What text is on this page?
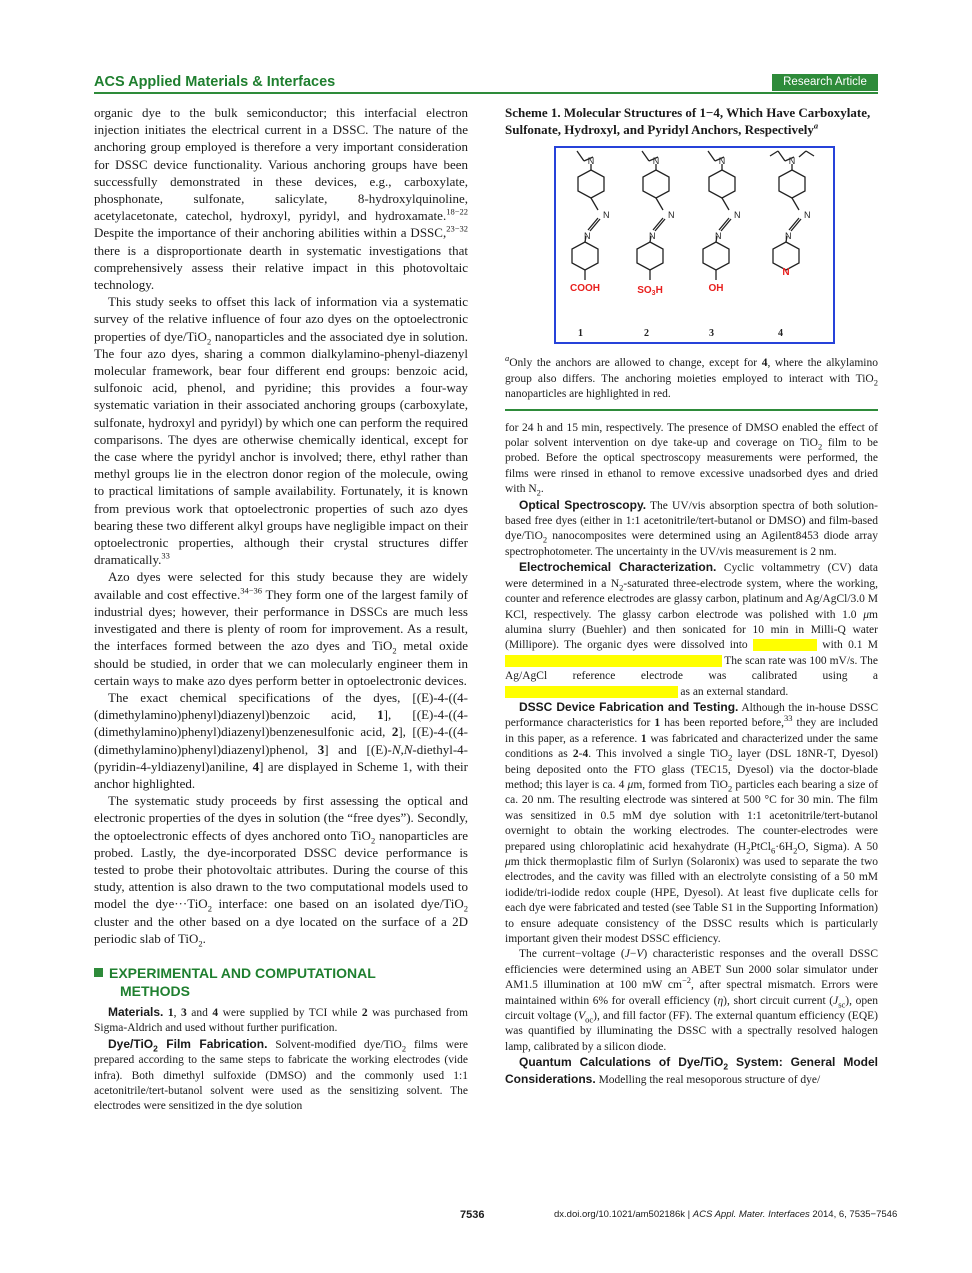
ACS Applied Materials & Interfaces	Research Article

organic dye to the bulk semiconductor; this interfacial electron injection initiates the electrical current in a DSSC. The nature of the anchoring group employed is therefore a very important consideration for DSSC device functionality. Various anchoring groups have been successfully demonstrated in these devices, e.g., carboxylate, phosphonate, sulfonate, salicylate, 8-hydroxylquinoline, acetylacetonate, catechol, hydroxyl, pyridyl, and hydroxamate.$^{18-22}$ Despite the importance of their anchoring abilities within a DSSC,$^{23-32}$ there is a disproportionate dearth in systematic investigations that comprehensively assess their relative impact in this photovoltaic technology.

This study seeks to offset this lack of information via a systematic survey of the relative influence of four azo dyes on the optoelectronic properties of dye/TiO$_2$ nanoparticles and the associated dye in solution. The four azo dyes, sharing a common dialkylamino-phenyl-diazenyl molecular framework, bear four different end groups: benzoic acid, sulfonoic acid, phenol, and pyridine; this provides a four-way systematic variation in their associated anchoring groups (carboxylate, sulfonate, hydroxyl and pyridyl) by which one can perform the required comparisons. The dyes are otherwise chemically identical, except for the case where the pyridyl anchor is involved; there, ethyl rather than methyl groups lie in the electron donor region of the molecule, owing to practical limitations of sample availability. Fortunately, it is known from previous work that optoelectronic properties of such azo dyes bearing these two different alkyl groups have negligible impact on their optoelectronic properties, although their crystal structures differ dramatically.$^{33}$

Azo dyes were selected for this study because they are widely available and cost effective.$^{34-36}$ They form one of the largest family of industrial dyes; however, their performance in DSSCs are much less investigated and there is plenty of room for improvement. As a result, the interfaces formed between the azo dyes and TiO$_2$ metal oxide should be studied, in order that we can molecularly engineer them in certain ways to make azo dyes perform better in optoelectronic devices.

The exact chemical specifications of the dyes, [(E)-4-((4-(dimethylamino)phenyl)diazenyl)benzoic acid, 1], [(E)-4-((4-(dimethylamino)phenyl)diazenyl)benzenesulfonic acid, 2], [(E)-4-((4-(dimethylamino)phenyl)diazenyl)phenol, 3] and [(E)-N,N-diethyl-4-(pyridin-4-yldiazenyl)aniline, 4] are displayed in Scheme 1, with their anchor highlighted.

The systematic study proceeds by first assessing the optical and electronic properties of the dyes in solution (the “free dyes”). Secondly, the optoelectronic effects of dyes anchored onto TiO$_2$ nanoparticles are probed. Lastly, the dye-incorporated DSSC device performance is tested to probe their photovoltaic attributes. During the course of this study, attention is also drawn to the two computational models used to model the dye···TiO$_2$ interface: one based on an isolated dye/TiO$_2$ cluster and the other based on a dye located on the surface of a 2D periodic slab of TiO$_2$.

EXPERIMENTAL AND COMPUTATIONAL
METHODS

Materials. 1, 3 and 4 were supplied by TCI while 2 was purchased from Sigma-Aldrich and used without further purification.

Dye/TiO$_2$ Film Fabrication. Solvent-modified dye/TiO$_2$ films were prepared according to the same steps to fabricate the working electrodes (vide infra). Both dimethyl sulfoxide (DMSO) and the commonly used 1:1 acetonitrile/tert-butanol solvent were used as the sensitizing solvent. The electrodes were sensitized in the dye solution

Scheme 1. Molecular Structures of 1−4, Which Have Carboxylate, Sulfonate, Hydroxyl, and Pyridyl Anchors, Respectively$^a$
N	N	N	N
N
N
N
N
N
N
N
N
COOH	$SO_3H$	OH
N
1	2	3	4

$^a$Only the anchors are allowed to change, except for 4, where the alkylamino group also differs. The anchoring moieties employed to interact with TiO$_2$ nanoparticles are highlighted in red.

for 24 h and 15 min, respectively. The presence of DMSO enabled the effect of polar solvent intervention on dye take-up and coverage on TiO$_2$ film to be probed. Before the optical spectroscopy measurements were performed, the films were rinsed in ethanol to remove excessive unadsorbed dyes and dried with $N_2$.

Optical Spectroscopy. The UV/vis absorption spectra of both solution-based free dyes (either in 1:1 acetonitrile/tert-butanol or DMSO) and film-based dye/TiO$_2$ nanocomposites were determined using an Agilent8453 diode array spectrophotometer. The uncertainty in the UV/vis measurement is 2 nm.

Electrochemical Characterization. Cyclic voltammetry (CV) data were determined in a $N_2$-saturated three-electrode system, where the working, counter and reference electrodes are glassy carbon, platinum and Ag/AgCl/3.0 M KCl, respectively. The glassy carbon electrode was polished with 1.0 μm alumina slurry (Buehler) and then sonicated for 10 min in Milli-Q water (Millipore). The organic dyes were dissolved into	with 0.1 M                                                                            The scan rate was 100 mV/s. The Ag/AgCl reference electrode was calibrated using a                                                              as an external standard.

DSSC Device Fabrication and Testing. Although the in-house DSSC performance characteristics for 1 has been reported before,$^{33}$ they are included in this paper, as a reference. 1 was fabricated and characterized under the same conditions as 2-4. This involved a single TiO$_2$ layer (DSL 18NR-T, Dyesol) being deposited onto the FTO glass (TEC15, Dyesol) via the doctor-blade method; this layer is ca. 4 μm, formed from TiO$_2$ particles each bearing a size of ca. 20 nm. The resulting electrode was sintered at 500 °C for 30 min. The film was sensitized in 0.5 mM dye solution with 1:1 acetonitrile/tert-butanol overnight to obtain the working electrodes. The counter-electrodes were prepared using chloroplatinic acid hexahydrate ($H_2PtCl_6\cdot 6H_2O$, Sigma). A 50 μm thick thermoplastic film of Surlyn (Solaronix) was used to separate the two electrodes, and the cavity was filled with an electrolyte consisting of a 50 mM iodide/tri-iodide redox couple (HPE, Dyesol). At least five duplicate cells for each dye were fabricated and tested (see Table S1 in the Supporting Information) to ensure adequate consistency of the DSSC results which is particularly important given their modest DSSC efficiency.

The current−voltage (J−V) characteristic responses and the overall DSSC efficiencies were determined using an ABET Sun 2000 solar simulator under AM1.5 illumination at 100 mW $cm^{-2}$, after spectral mismatch. Errors were maintained within 6% for overall efficiency (η), short circuit current $(J_{sc})$, open circuit voltage $(V_{oc})$, and fill factor (FF). The external quantum efficiency (EQE) was quantified by illuminating the DSSC with a spectrally resolved halogen lamp, calibrated by a silicon diode.

Quantum Calculations of Dye/TiO$_2$ System: General Model Considerations. Modelling the real mesoporous structure of dye/

7536	dx.doi.org/10.1021/am502186k | ACS Appl. Mater. Interfaces 2014, 6, 7535−7546
